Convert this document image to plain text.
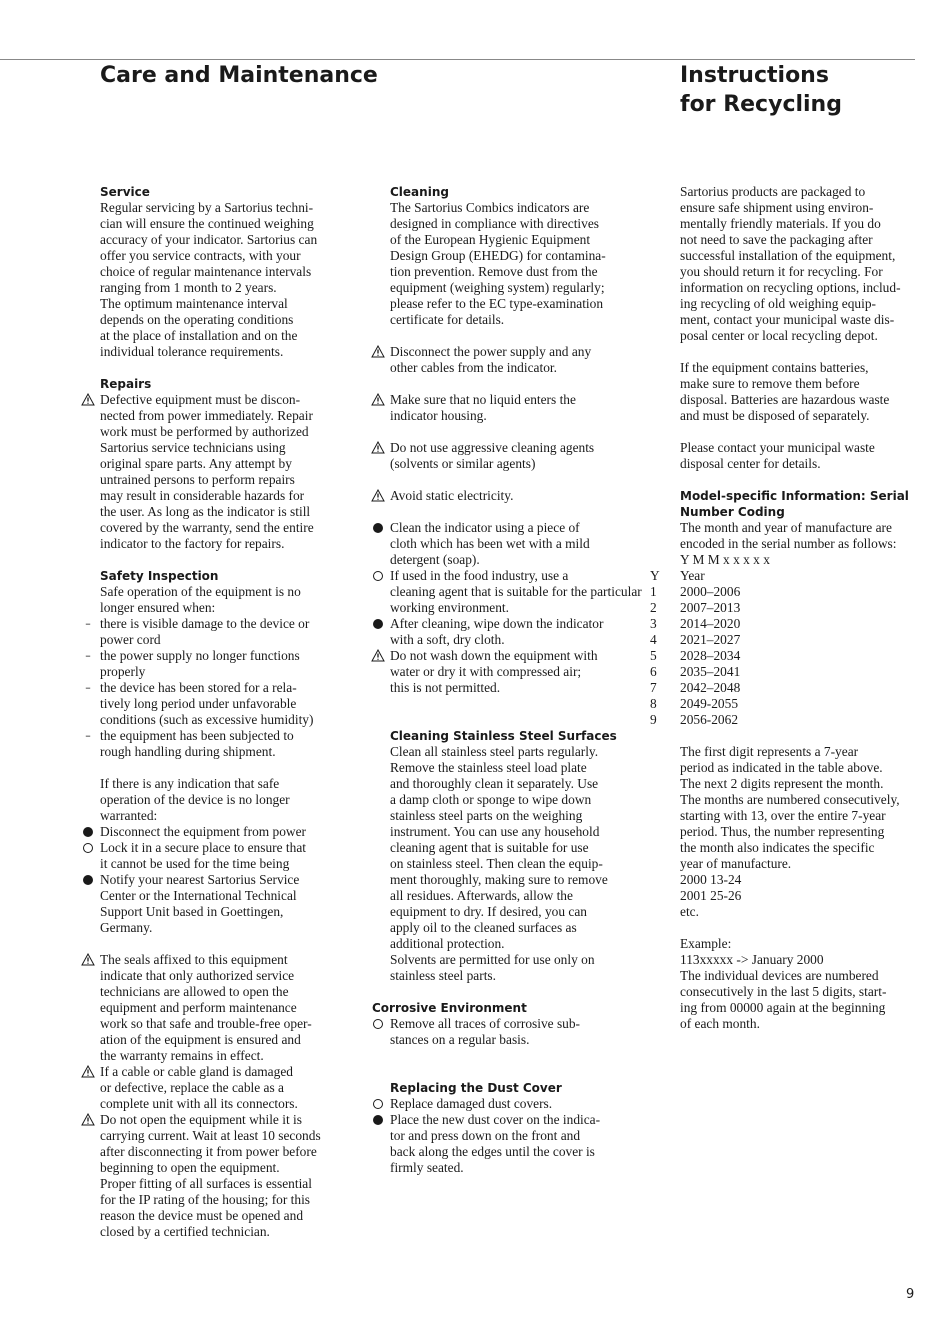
Care and Maintenance	Instructions
for Recycling
Service
Regular servicing by a Sartorius techni-
cian will ensure the continued weighing
accuracy of your indicator. Sartorius can
offer you service contracts, with your
choice of regular maintenance intervals
ranging from 1 month to 2 years.
The optimum maintenance interval
depends on the operating conditions
at the place of installation and on the
individual tolerance requirements.
Repairs
Defective equipment must be discon-
nected from power immediately. Repair
work must be performed by authorized
Sartorius service technicians using
original spare parts. Any attempt by
untrained persons to perform repairs
may result in considerable hazards for
the user. As long as the indicator is still
covered by the warranty, send the entire
indicator to the factory for repairs.
Safety Inspection
Safe operation of the equipment is no
longer ensured when:
– there is visible damage to the device or
power cord
– the power supply no longer functions
properly
– the device has been stored for a rela-
tively long period under unfavorable
conditions (such as excessive humidity)
– the equipment has been subjected to
rough handling during shipment.
If there is any indication that safe
operation of the device is no longer
warranted:
Disconnect the equipment from power
Lock it in a secure place to ensure that
it cannot be used for the time being
Notify your nearest Sartorius Service
Center or the International Technical
Support Unit based in Goettingen,
Germany.
The seals affixed to this equipment
indicate that only authorized service
technicians are allowed to open the
equipment and perform maintenance
work so that safe and trouble-free oper-
ation of the equipment is ensured and
the warranty remains in effect.
If a cable or cable gland is damaged
or defective, replace the cable as a
complete unit with all its connectors.
Do not open the equipment while it is
carrying current. Wait at least 10 seconds
after disconnecting it from power before
beginning to open the equipment.
Proper fitting of all surfaces is essential
for the IP rating of the housing; for this
reason the device must be opened and
closed by a certified technician.
Cleaning
The Sartorius Combics indicators are
designed in compliance with directives
of the European Hygienic Equipment
Design Group (EHEDG) for contamina-
tion prevention. Remove dust from the
equipment (weighing system) regularly;
please refer to the EC type-examination
certificate for details.
Disconnect the power supply and any
other cables from the indicator.
Make sure that no liquid enters the
indicator housing.
Do not use aggressive cleaning agents
(solvents or similar agents)
Avoid static electricity.
Clean the indicator using a piece of
cloth which has been wet with a mild
detergent (soap).
If used in the food industry, use a
cleaning agent that is suitable for the particular
working environment.
After cleaning, wipe down the indicator
with a soft, dry cloth.
Do not wash down the equipment with
water or dry it with compressed air;
this is not permitted.
Cleaning Stainless Steel Surfaces
Clean all stainless steel parts regularly.
Remove the stainless steel load plate
and thoroughly clean it separately. Use
a damp cloth or sponge to wipe down
stainless steel parts on the weighing
instrument. You can use any household
cleaning agent that is suitable for use
on stainless steel. Then clean the equip-
ment thoroughly, making sure to remove
all residues. Afterwards, allow the
equipment to dry. If desired, you can
apply oil to the cleaned surfaces as
additional protection.
Solvents are permitted for use only on
stainless steel parts.
Corrosive Environment
Remove all traces of corrosive sub-
stances on a regular basis.
Replacing the Dust Cover
Replace damaged dust covers.
Place the new dust cover on the indica-
tor and press down on the front and
back along the edges until the cover is
firmly seated.
Sartorius products are packaged to
ensure safe shipment using environ-
mentally friendly materials. If you do
not need to save the packaging after
successful installation of the equipment,
you should return it for recycling. For
information on recycling options, includ-
ing recycling of old weighing equip-
ment, contact your municipal waste dis-
posal center or local recycling depot.
If the equipment contains batteries,
make sure to remove them before
disposal. Batteries are hazardous waste
and must be disposed of separately.
Please contact your municipal waste
disposal center for details.
Model-specific Information: Serial
Number Coding
The month and year of manufacture are
encoded in the serial number as follows:
Y M M x x x x x
Y Year
1 2000–2006
2 2007–2013
3 2014–2020
4 2021–2027
5 2028–2034
6 2035–2041
7 2042–2048
8 2049-2055
9 2056-2062
The first digit represents a 7-year
period as indicated in the table above.
The next 2 digits represent the month.
The months are numbered consecutively,
starting with 13, over the entire 7-year
period. Thus, the number representing
the month also indicates the specific
year of manufacture.
2000 13-24
2001 25-26
etc.
Example:
113xxxxx -> January 2000
The individual devices are numbered
consecutively in the last 5 digits, start-
ing from 00000 again at the beginning
of each month.
9
